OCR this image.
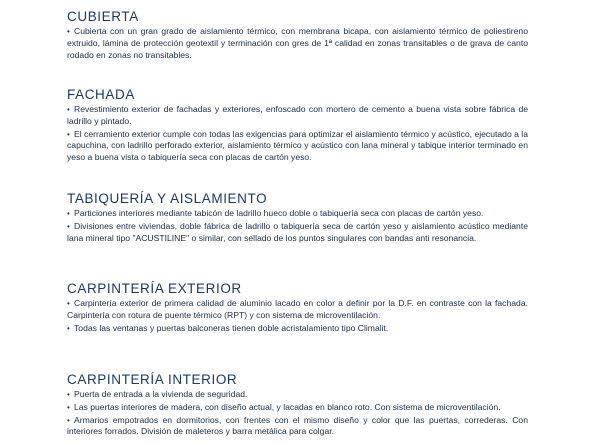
CUBIERTA

• Cubierta con un gran grado de aislamiento térmico, con membrana bicapa, con aislamiento térmico de poliestireno extruido, lámina de protección geotextil y terminación con gres de 1ª calidad en zonas transitables o de grava de canto rodado en zonas no transitables.

FACHADA

• Revestimiento exterior de fachadas y exteriores, enfoscado con mortero de cemento a buena vista sobre fábrica de ladrillo y pintado.

• El cerramiento exterior cumple con todas las exigencias para optimizar el aislamiento térmico y acústico, ejecutado a la capuchina, con ladrillo perforado exterior, aislamiento térmico y acústico con lana mineral y tabique interior terminado en yeso a buena vista o tabiquería seca con placas de cartón yeso.

TABIQUERÍA Y AISLAMIENTO

• Particiones interiores mediante tabicón de ladrillo hueco doble o tabiquería seca con placas de cartón yeso.

• Divisiones entre viviendas, doble fábrica de ladrillo o tabiquería seca de cartón yeso y aislamiento acústico mediante lana mineral tipo "ACUSTILINE" o similar, con sellado de los puntos singulares con bandas anti resonancia.

CARPINTERÍA EXTERIOR

• Carpintería exterior de primera calidad de aluminio lacado en color a definir por la D.F. en contraste con la fachada. Carpintería con rotura de puente térmico (RPT) y con sistema de microventilación.

• Todas las ventanas y puertas balconeras tienen doble acristalamiento tipo Climalit.

CARPINTERÍA INTERIOR

• Puerta de entrada a la vivienda de seguridad.

• Las puertas interiores de madera, con diseño actual, y lacadas en blanco roto. Con sistema de microventilación.

• Armarios empotrados en dormitorios, con frentes con el mismo diseño y color que las puertas, correderas. Con interiores forrados. División de maleteros y barra metálica para colgar.
